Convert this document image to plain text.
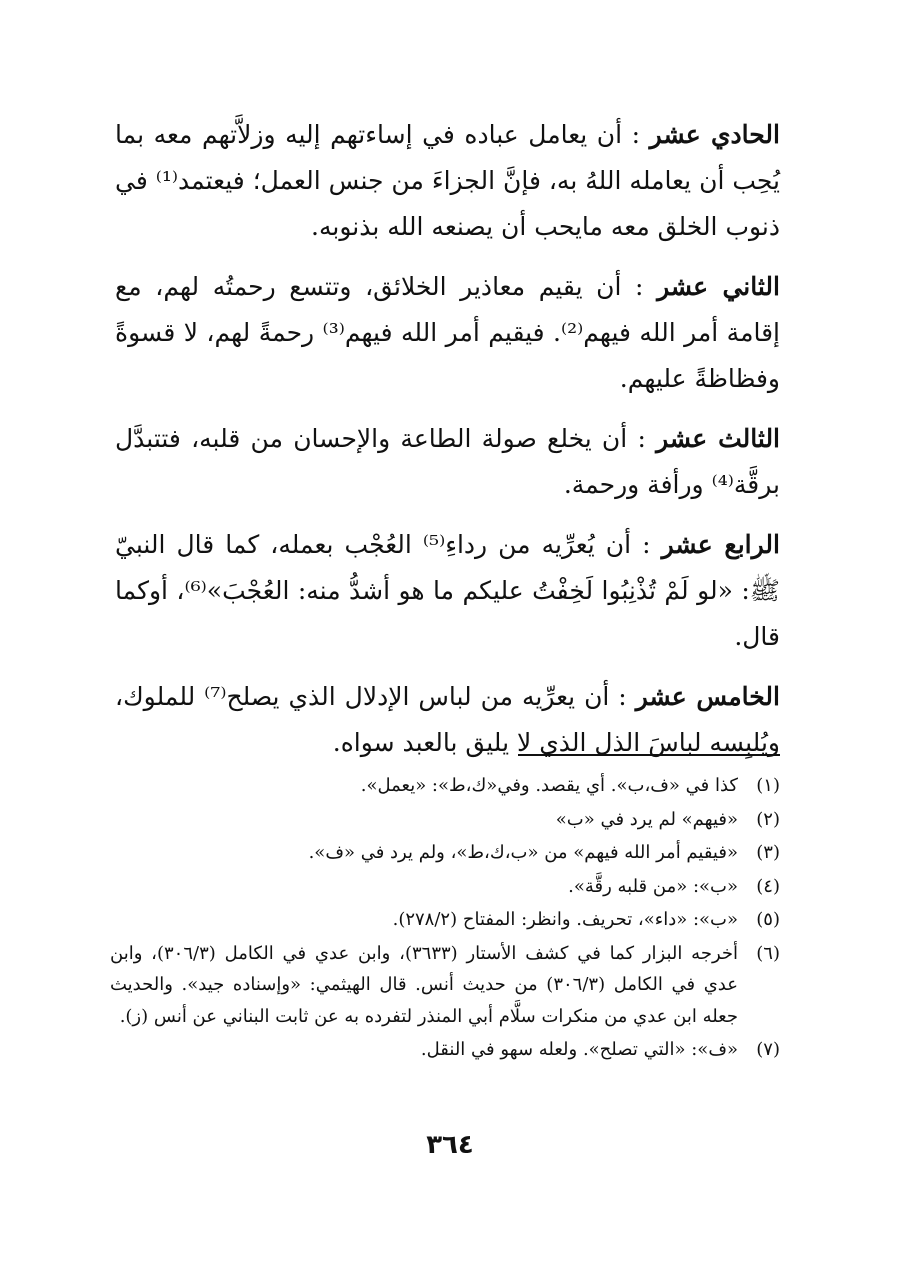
الحادي عشر : أن يعامل عباده في إساءتهم إليه وزلاَّتهم معه بما يُحِب أن يعامله اللهُ به، فإنَّ الجزاءَ من جنس العمل؛ فيعتمد⁽¹⁾ في ذنوب الخلق معه مايحب أن يصنعه الله بذنوبه.

الثاني عشر : أن يقيم معاذير الخلائق، وتتسع رحمتُه لهم، مع إقامة أمر الله فيهم⁽²⁾. فيقيم أمر الله فيهم⁽³⁾ رحمةً لهم، لا قسوةً وفظاظةً عليهم.

الثالث عشر : أن يخلع صولة الطاعة والإحسان من قلبه، فتتبدَّل برقَّة⁽⁴⁾ ورأفة ورحمة.

الرابع عشر : أن يُعرِّيه من رداءِ⁽⁵⁾ العُجْب بعمله، كما قال النبيّ ﷺ: «لو لَمْ تُذْنِبُوا لَخِفْتُ عليكم ما هو أشدُّ منه: العُجْبَ»⁽⁶⁾، أوكما قال.

الخامس عشر : أن يعرِّيه من لباس الإدلال الذي يصلح⁽⁷⁾ للملوك، ويُلبِسه لباسَ الذل الذي لا يليق بالعبد سواه.

(١)
كذا في «ف،ب». أي يقصد. وفي«ك،ط»: «يعمل».
(٢)
«فيهم» لم يرد في «ب»
(٣)
«فيقيم أمر الله فيهم» من «ب،ك،ط»، ولم يرد في «ف».
(٤)
«ب»: «من قلبه رقَّة».
(٥)
«ب»: «داء»، تحريف. وانظر: المفتاح (٢٧٨/٢).
(٦)
أخرجه البزار كما في كشف الأستار (٣٦٣٣)، وابن عدي في الكامل (٣٠٦/٣)، وابن عدي في الكامل (٣٠٦/٣) من حديث أنس. قال الهيثمي: «وإسناده جيد». والحديث جعله ابن عدي من منكرات سلَّام أبي المنذر لتفرده به عن ثابت البناني عن أنس (ز).
(٧)
«ف»: «التي تصلح». ولعله سهو في النقل.
٣٦٤
